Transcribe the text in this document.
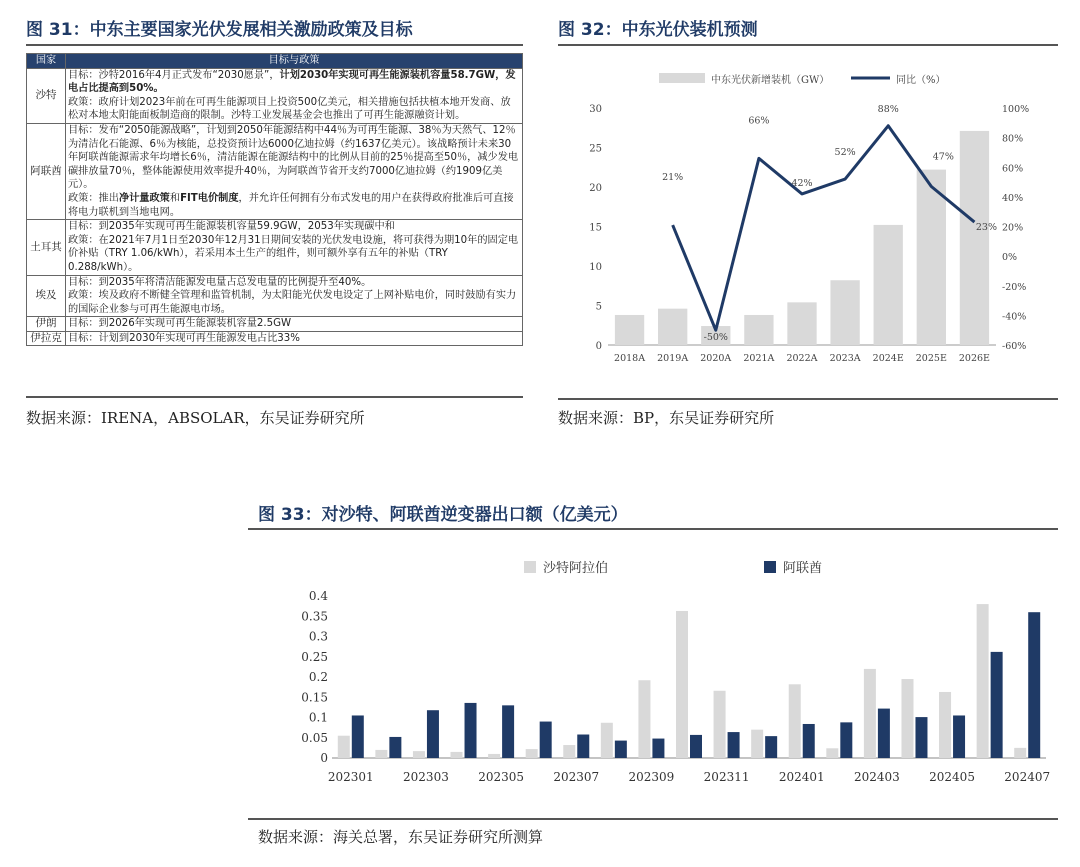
图 31：中东主要国家光伏发展相关激励政策及目标
国家	目标与政策
沙特	目标：沙特2016年4月正式发布“2030愿景”，计划2030年实现可再生能源装机容量58.7GW，发电占比提高到50%。
政策：政府计划2023年前在可再生能源项目上投资500亿美元，相关措施包括扶植本地开发商、放松对本地太阳能面板制造商的限制。沙特工业发展基金会也推出了可再生能源融资计划。

阿联酋	目标：发布“2050能源战略”，计划到2050年能源结构中44％为可再生能源、38％为天然气、12％为清洁化石能源、6％为核能，总投资预计达6000亿迪拉姆（约1637亿美元）。该战略预计未来30年阿联酋能源需求年均增长6％，清洁能源在能源结构中的比例从目前的25％提高至50％，减少发电碳排放量70％，整体能源使用效率提升40％，为阿联酋节省开支约7000亿迪拉姆（约1909亿美元）。
政策：推出净计量政策和FIT电价制度，并允许任何拥有分布式发电的用户在获得政府批准后可直接将电力联机到当地电网。

土耳其	目标：到2035年实现可再生能源装机容量59.9GW，2053年实现碳中和
政策：在2021年7月1日至2030年12月31日期间安装的光伏发电设施，将可获得为期10年的固定电价补贴（TRY 1.06/kWh），若采用本土生产的组件，则可额外享有五年的补贴（TRY 0.288/kWh）。

埃及	目标：到2035年将清洁能源发电量占总发电量的比例提升至40%。
政策：埃及政府不断健全管理和监管机制，为太阳能光伏发电设定了上网补贴电价，同时鼓励有实力的国际企业参与可再生能源电市场。

伊朗	目标：到2026年实现可再生能源装机容量2.5GW

伊拉克	目标：计划到2030年实现可再生能源发电占比33%
数据来源：IRENA，ABSOLAR，东吴证券研究所
图 32：中东光伏装机预测
中东光伏新增装机（GW）	同比（%）
0
5
10
15
20
25
30
-60%
-40%
-20%
0%
20%
40%
60%
80%
100%
2018A 2019A 2020A 2021A 2022A 2023A 2024E 2025E 2026E
21%
-50%
66%
42%
52%
88%
47%
23%
数据来源：BP，东吴证券研究所
图 33：对沙特、阿联酋逆变器出口额（亿美元）
沙特阿拉伯	阿联酋
0
0.05
0.1
0.15
0.2
0.25
0.3
0.35
0.4
202301 202303 202305 202307 202309 202311 202401 202403 202405 202407
数据来源：海关总署，东吴证券研究所测算
